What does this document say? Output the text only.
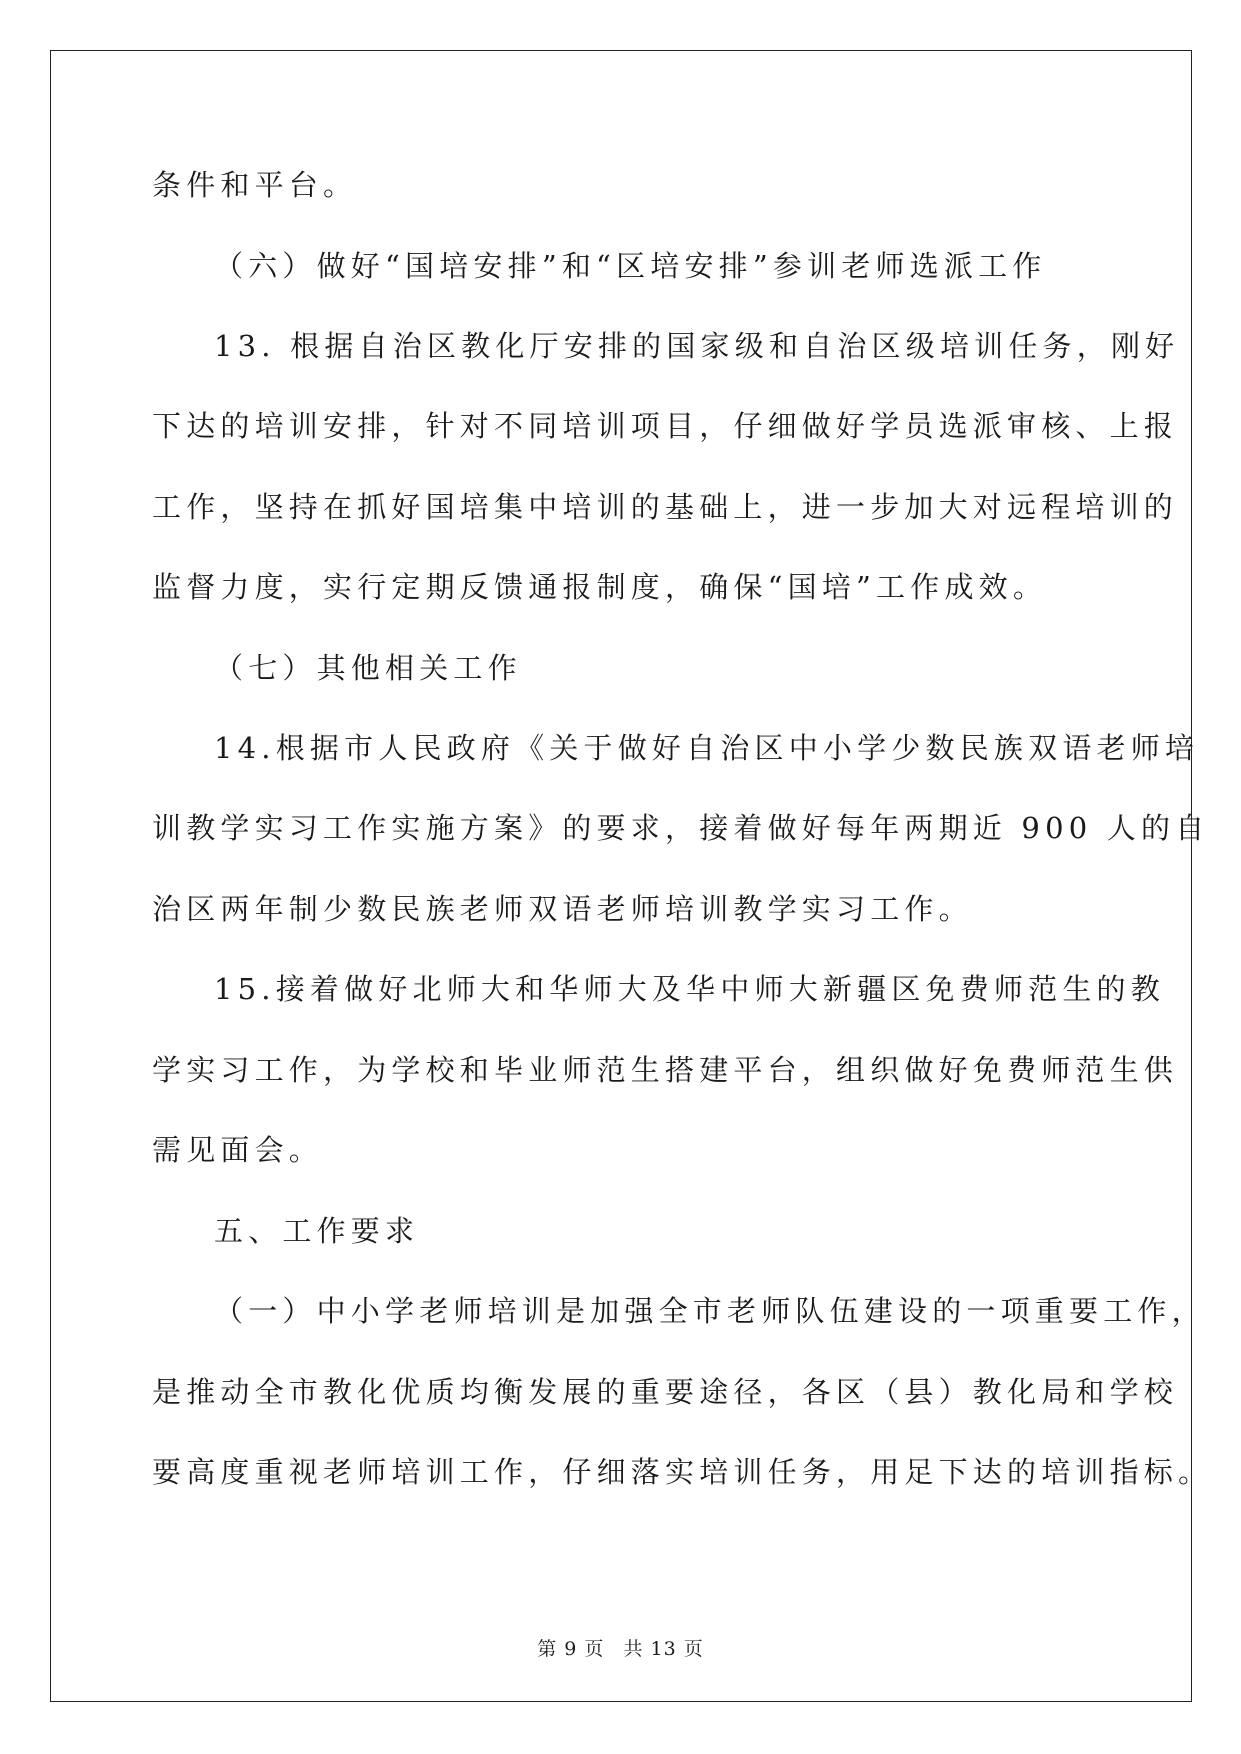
条件和平台。
（六）做好“国培安排”和“区培安排”参训老师选派工作
13. 根据自治区教化厅安排的国家级和自治区级培训任务，刚好
下达的培训安排，针对不同培训项目，仔细做好学员选派审核、上报
工作，坚持在抓好国培集中培训的基础上，进一步加大对远程培训的
监督力度，实行定期反馈通报制度，确保“国培”工作成效。
（七）其他相关工作
14.根据市人民政府《关于做好自治区中小学少数民族双语老师培
训教学实习工作实施方案》的要求，接着做好每年两期近 900 人的自
治区两年制少数民族老师双语老师培训教学实习工作。
15.接着做好北师大和华师大及华中师大新疆区免费师范生的教
学实习工作，为学校和毕业师范生搭建平台，组织做好免费师范生供
需见面会。
五、工作要求
（一）中小学老师培训是加强全市老师队伍建设的一项重要工作，
是推动全市教化优质均衡发展的重要途径，各区（县）教化局和学校
要高度重视老师培训工作，仔细落实培训任务，用足下达的培训指标。
第 9 页 共 13 页
